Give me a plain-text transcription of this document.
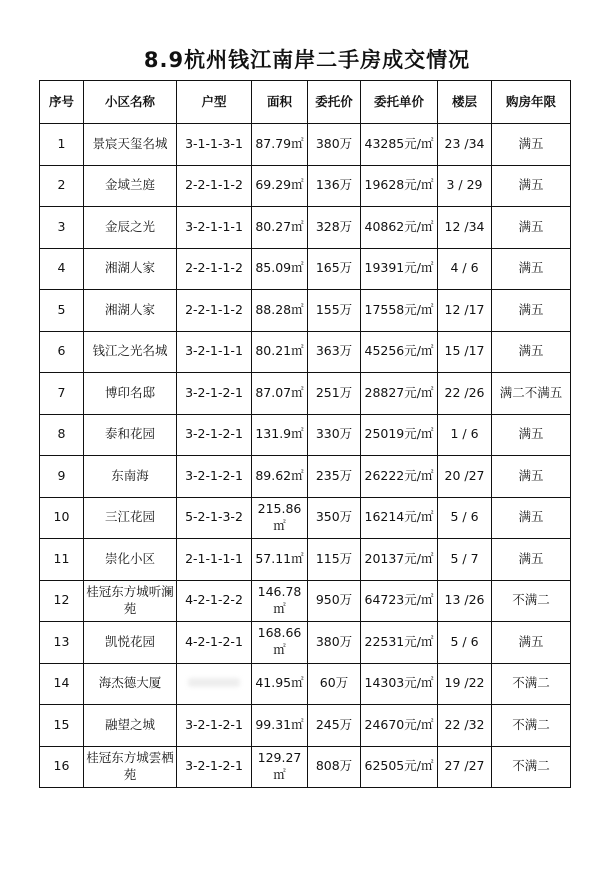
8.9杭州钱江南岸二手房成交情况
序号	小区名称	户型	面积	委托价	委托单价	楼层	购房年限
1	景宸天玺名城	3-1-1-3-1	87.79㎡	380万	43285元/㎡	23 /34	满五
2	金域兰庭	2-2-1-1-2	69.29㎡	136万	19628元/㎡	3 / 29	满五
3	金辰之光	3-2-1-1-1	80.27㎡	328万	40862元/㎡	12 /34	满五
4	湘湖人家	2-2-1-1-2	85.09㎡	165万	19391元/㎡	4 / 6	满五
5	湘湖人家	2-2-1-1-2	88.28㎡	155万	17558元/㎡	12 /17	满五
6	钱江之光名城	3-2-1-1-1	80.21㎡	363万	45256元/㎡	15 /17	满五
7	博印名邸	3-2-1-2-1	87.07㎡	251万	28827元/㎡	22 /26	满二不满五
8	泰和花园	3-2-1-2-1	131.9㎡	330万	25019元/㎡	1 / 6	满五
9	东南海	3-2-1-2-1	89.62㎡	235万	26222元/㎡	20 /27	满五
10	三江花园	5-2-1-3-2	215.86㎡	350万	16214元/㎡	5 / 6	满五
11	崇化小区	2-1-1-1-1	57.11㎡	115万	20137元/㎡	5 / 7	满五
12	桂冠东方城听澜苑	4-2-1-2-2	146.78㎡	950万	64723元/㎡	13 /26	不满二
13	凯悦花园	4-2-1-2-1	168.66㎡	380万	22531元/㎡	5 / 6	满五
14	海杰德大厦		41.95㎡	60万	14303元/㎡	19 /22	不满二
15	融望之城	3-2-1-2-1	99.31㎡	245万	24670元/㎡	22 /32	不满二
16	桂冠东方城雲栖苑	3-2-1-2-1	129.27㎡	808万	62505元/㎡	27 /27	不满二
